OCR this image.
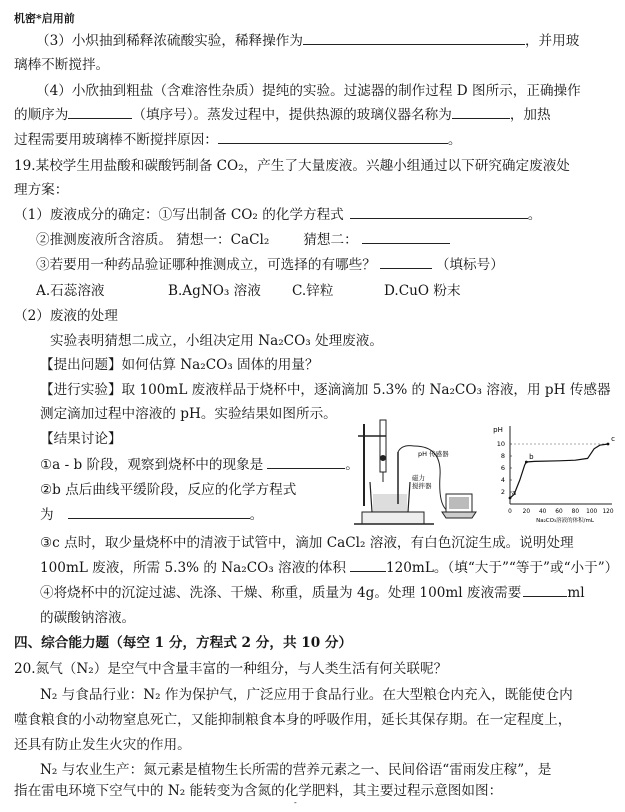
机密*启用前
（3）小炽抽到稀释浓硫酸实验，稀释操作为	，并用玻
璃棒不断搅拌。
（4）小欣抽到粗盐（含难溶性杂质）提纯的实验。过滤器的制作过程 D 图所示，正确操作
的顺序为	（填序号）。蒸发过程中，提供热源的玻璃仪器名称为	，加热
过程需要用玻璃棒不断搅拌原因：	。
19.某校学生用盐酸和碳酸钙制备 CO₂，产生了大量废液。兴趣小组通过以下研究确定废液处
理方案：
（1）废液成分的确定：①写出制备 CO₂ 的化学方程式	。
②推测废液所含溶质。 猜想一：CaCl₂	猜想二：
③若要用一种药品验证哪种推测成立，可选择的有哪些？	（填标号）
A.石蕊溶液	B.AgNO₃ 溶液 C.锌粒	D.CuO 粉末
（2）废液的处理
实验表明猜想二成立，小组决定用 Na₂CO₃ 处理废液。
【提出问题】如何估算 Na₂CO₃ 固体的用量？
【进行实验】取 100mL 废液样品于烧杯中，逐滴滴加 5.3% 的 Na₂CO₃ 溶液，用 pH 传感器
测定滴加过程中溶液的 pH。实验结果如图所示。
【结果讨论】
①a - b 阶段，观察到烧杯中的现象是	。
②b 点后曲线平缓阶段，反应的化学方程式
为	。
pH 传感器
磁力
搅拌器
pH
10
8
6
4
2
0 20 40 60 80 100 120
Na₂CO₃溶液的体积/mL
a
b
c
③c 点时，取少量烧杯中的清液于试管中，滴加 CaCl₂ 溶液，有白色沉淀生成。说明处理
100mL 废液，所需 5.3% 的 Na₂CO₃ 溶液的体积	120mL。（填“大于”“等于”或“小于”）
④将烧杯中的沉淀过滤、洗涤、干燥、称重，质量为 4g。处理 100ml 废液需要	ml
的碳酸钠溶液。
四、综合能力题（每空 1 分，方程式 2 分，共 10 分）
20.氮气（N₂）是空气中含量丰富的一种组分，与人类生活有何关联呢？
N₂ 与食品行业：N₂ 作为保护气，广泛应用于食品行业。在大型粮仓内充入，既能使仓内
噬食粮食的小动物窒息死亡，又能抑制粮食本身的呼吸作用，延长其保存期。在一定程度上，
还具有防止发生火灾的作用。
N₂ 与农业生产：氮元素是植物生长所需的营养元素之一、民间俗语“雷雨发庄稼”，是
指在雷电环境下空气中的 N₂ 能转变为含氮的化学肥料，其主要过程示意图如图：
-
